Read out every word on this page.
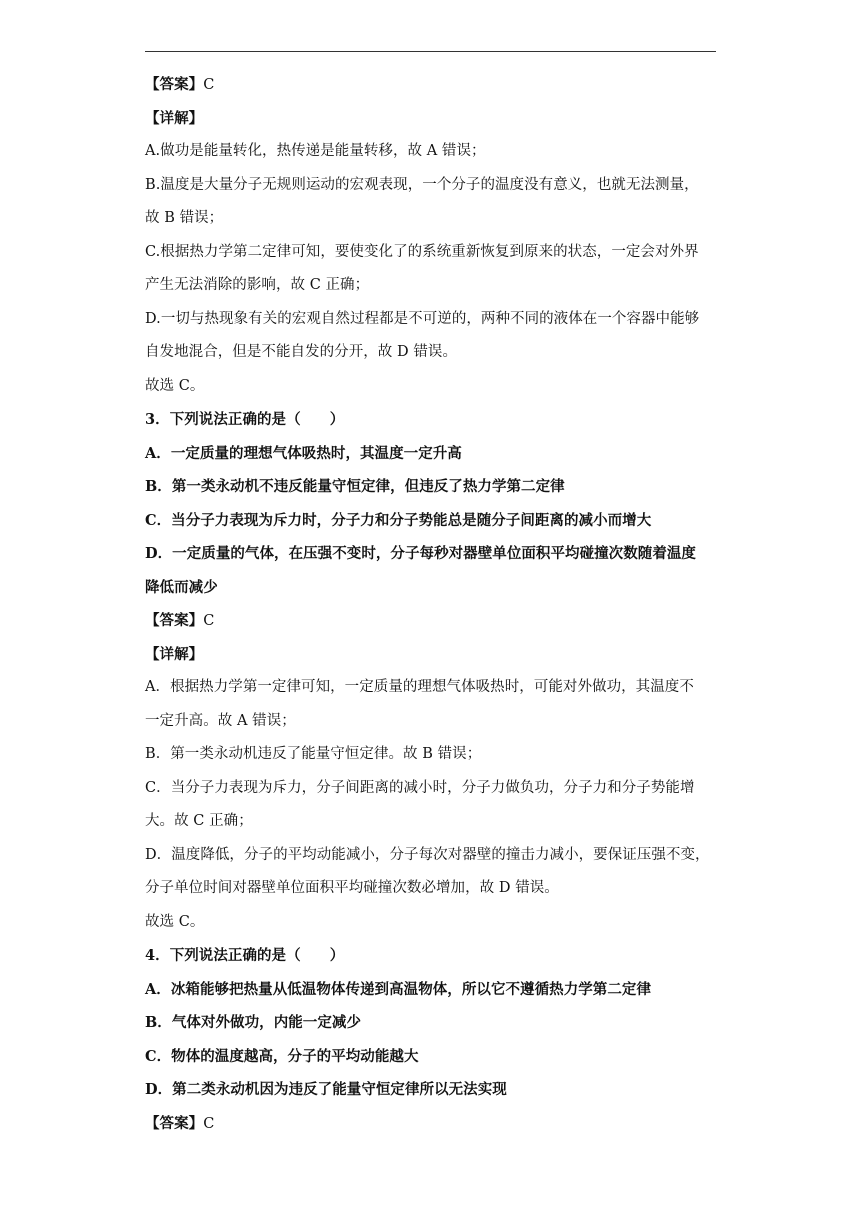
【答案】C
【详解】
A.做功是能量转化，热传递是能量转移，故 A 错误；
B.温度是大量分子无规则运动的宏观表现，一个分子的温度没有意义，也就无法测量，
故 B 错误；
C.根据热力学第二定律可知，要使变化了的系统重新恢复到原来的状态，一定会对外界
产生无法消除的影响，故 C 正确；
D.一切与热现象有关的宏观自然过程都是不可逆的，两种不同的液体在一个容器中能够
自发地混合，但是不能自发的分开，故 D 错误。
故选 C。
3．下列说法正确的是（　　）
A．一定质量的理想气体吸热时，其温度一定升高
B．第一类永动机不违反能量守恒定律，但违反了热力学第二定律
C．当分子力表现为斥力时，分子力和分子势能总是随分子间距离的减小而增大
D．一定质量的气体，在压强不变时，分子每秒对器壁单位面积平均碰撞次数随着温度
降低而减少
【答案】C
【详解】
A．根据热力学第一定律可知，一定质量的理想气体吸热时，可能对外做功，其温度不
一定升高。故 A 错误；
B．第一类永动机违反了能量守恒定律。故 B 错误；
C．当分子力表现为斥力，分子间距离的减小时，分子力做负功，分子力和分子势能增
大。故 C 正确；
D．温度降低，分子的平均动能减小，分子每次对器壁的撞击力减小，要保证压强不变，
分子单位时间对器壁单位面积平均碰撞次数必增加，故 D 错误。
故选 C。
4．下列说法正确的是（　　）
A．冰箱能够把热量从低温物体传递到高温物体，所以它不遵循热力学第二定律
B．气体对外做功，内能一定减少
C．物体的温度越高，分子的平均动能越大
D．第二类永动机因为违反了能量守恒定律所以无法实现
【答案】C
